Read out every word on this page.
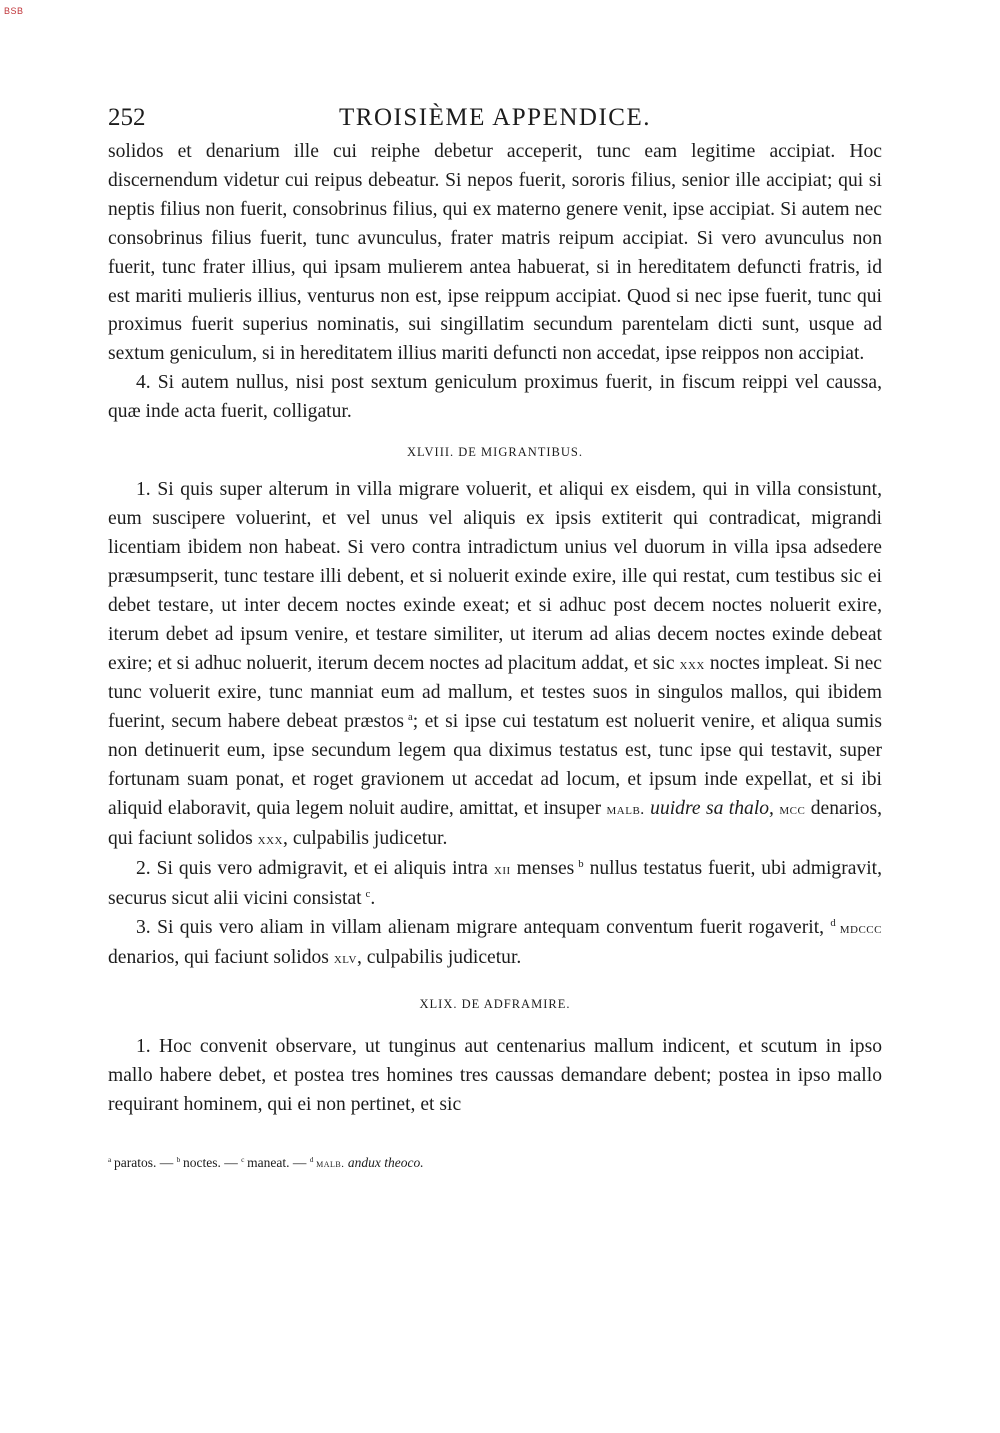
BSB
252	TROISIÈME APPENDICE.

solidos et denarium ille cui reiphe debetur acceperit, tunc eam legitime accipiat. Hoc discernendum videtur cui reipus debeatur. Si nepos fuerit, sororis filius, senior ille accipiat; qui si neptis filius non fuerit, consobrinus filius, qui ex materno genere venit, ipse accipiat. Si autem nec consobrinus filius fuerit, tunc avunculus, frater matris reipum accipiat. Si vero avunculus non fuerit, tunc frater illius, qui ipsam mulierem antea habuerat, si in hereditatem defuncti fratris, id est mariti mulieris illius, venturus non est, ipse reippum accipiat. Quod si nec ipse fuerit, tunc qui proximus fuerit superius nominatis, sui singillatim secundum parentelam dicti sunt, usque ad sextum geniculum, si in hereditatem illius mariti defuncti non accedat, ipse reippos non accipiat.

4. Si autem nullus, nisi post sextum geniculum proximus fuerit, in fiscum reippi vel caussa, quæ inde acta fuerit, colligatur.

XLVIII. DE MIGRANTIBUS.

1. Si quis super alterum in villa migrare voluerit, et aliqui ex eisdem, qui in villa consistunt, eum suscipere voluerint, et vel unus vel aliquis ex ipsis extiterit qui contradicat, migrandi licentiam ibidem non habeat. Si vero contra intradictum unius vel duorum in villa ipsa adsedere præsumpserit, tunc testare illi debent, et si noluerit exinde exire, ille qui restat, cum testibus sic ei debet testare, ut inter decem noctes exinde exeat; et si adhuc post decem noctes noluerit exire, iterum debet ad ipsum venire, et testare similiter, ut iterum ad alias decem noctes exinde debeat exire; et si adhuc noluerit, iterum decem noctes ad placitum addat, et sic xxx noctes impleat. Si nec tunc voluerit exire, tunc manniat eum ad mallum, et testes suos in singulos mallos, qui ibidem fuerint, secum habere debeat præstos  $^a$; et si ipse cui testatum est noluerit venire, et aliqua sumis non detinuerit eum, ipse secundum legem qua diximus testatus est, tunc ipse qui testavit, super fortunam suam ponat, et roget gravionem ut accedat ad locum, et ipsum inde expellat, et si ibi aliquid elaboravit, quia legem noluit audire, amittat, et insuper malb. uuidre sa thalo, mcc denarios, qui faciunt solidos xxx, culpabilis judicetur.

2. Si quis vero admigravit, et ei aliquis intra xii menses  $^b$ nullus testatus fuerit, ubi admigravit, securus sicut alii vicini consistat  $^c$.

3. Si quis vero aliam in villam alienam migrare antequam conventum fuerit rogaverit, $^d$  mdccc denarios, qui faciunt solidos xlv, culpabilis judicetur.

XLIX. DE ADFRAMIRE.

1. Hoc convenit observare, ut tunginus aut centenarius mallum indicent, et scutum in ipso mallo habere debet, et postea tres homines tres caussas demandare debent; postea in ipso mallo requirant hominem, qui ei non pertinet, et sic

$^a$  paratos. — $^b$  noctes. — $^c$  maneat. — $^d$  malb. andux theoco.
